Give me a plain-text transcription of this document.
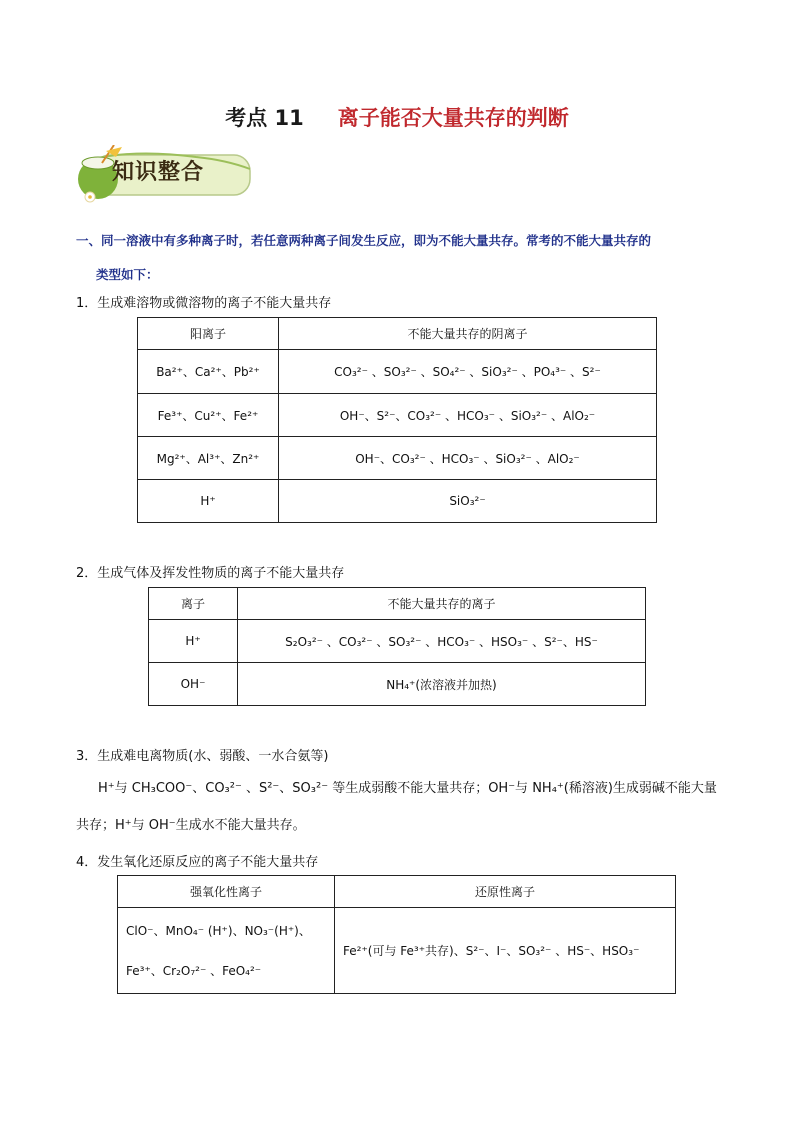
考点 11 离子能否大量共存的判断
知识整合
一、同一溶液中有多种离子时，若任意两种离子间发生反应，即为不能大量共存。常考的不能大量共存的
类型如下：
1．生成难溶物或微溶物的离子不能大量共存
阳离子	不能大量共存的阴离子
Ba²⁺、Ca²⁺、Pb²⁺	CO₃²⁻ 、SO₃²⁻ 、SO₄²⁻ 、SiO₃²⁻ 、PO₄³⁻ 、S²⁻
Fe³⁺、Cu²⁺、Fe²⁺	OH⁻、S²⁻、CO₃²⁻ 、HCO₃⁻ 、SiO₃²⁻ 、AlO₂⁻
Mg²⁺、Al³⁺、Zn²⁺	OH⁻、CO₃²⁻ 、HCO₃⁻ 、SiO₃²⁻ 、AlO₂⁻
H⁺	SiO₃²⁻
2．生成气体及挥发性物质的离子不能大量共存
离子	不能大量共存的离子
H⁺	S₂O₃²⁻ 、CO₃²⁻ 、SO₃²⁻ 、HCO₃⁻ 、HSO₃⁻ 、S²⁻、HS⁻
OH⁻	NH₄⁺(浓溶液并加热)
3．生成难电离物质(水、弱酸、一水合氨等)
H⁺与 CH₃COO⁻、CO₃²⁻ 、S²⁻、SO₃²⁻ 等生成弱酸不能大量共存；OH⁻与 NH₄⁺(稀溶液)生成弱碱不能大量
共存；H⁺与 OH⁻生成水不能大量共存。
4．发生氧化还原反应的离子不能大量共存
强氧化性离子	还原性离子

ClO⁻、MnO₄⁻ (H⁺)、NO₃⁻(H⁺)、
Fe³⁺、Cr₂O₇²⁻ 、FeO₄²⁻	Fe²⁺(可与 Fe³⁺共存)、S²⁻、I⁻、SO₃²⁻ 、HS⁻、HSO₃⁻
